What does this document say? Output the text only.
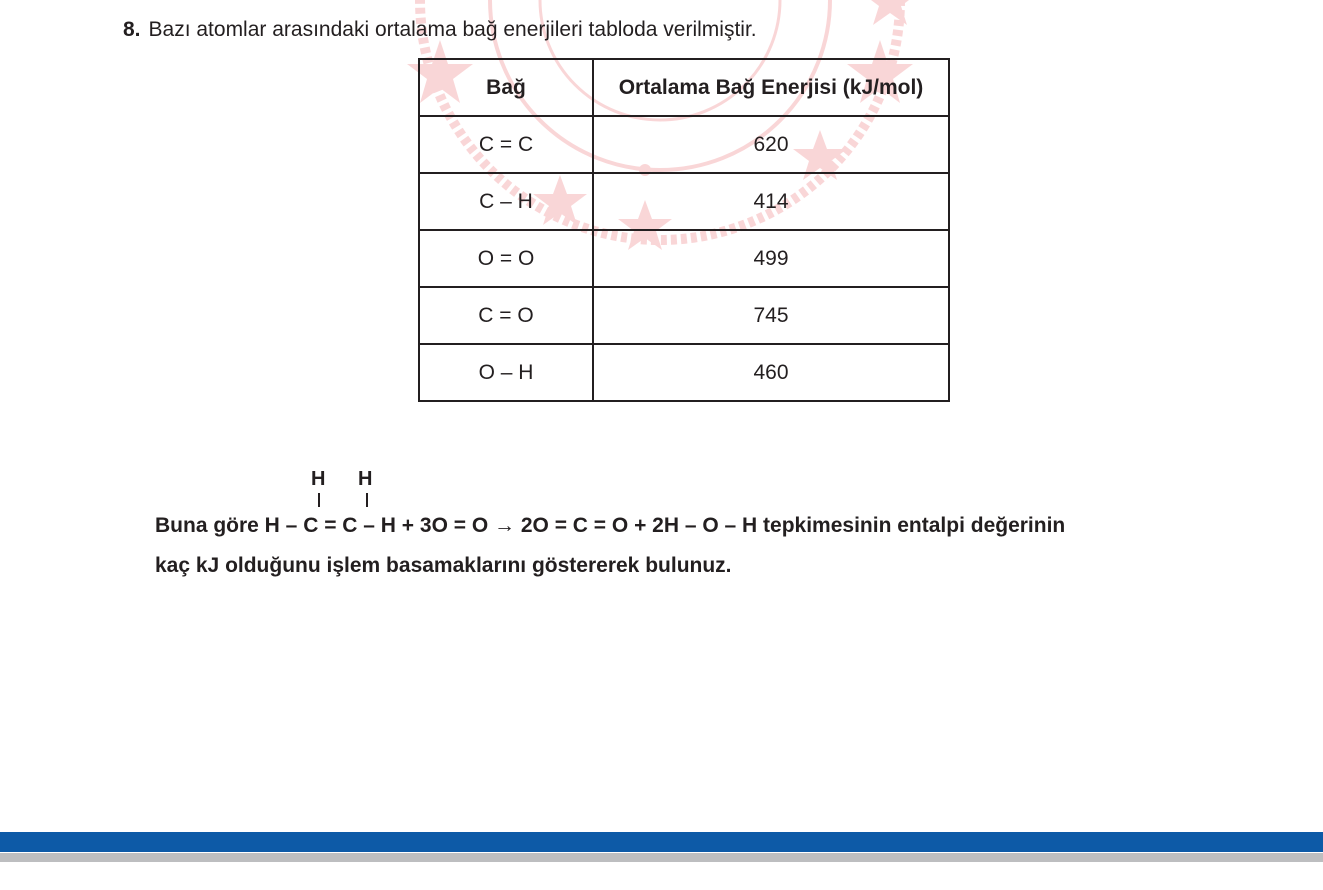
8. Bazı atomlar arasındaki ortalama bağ enerjileri tabloda verilmiştir.
Bağ	Ortalama Bağ Enerjisi (kJ/mol)
C = C	620
C – H	414
O = O	499
C = O	745
O – H	460
H H
Buna göre H – C = C – H + 3O = O → 2O = C = O + 2H – O – H tepkimesinin entalpi değerinin
kaç kJ olduğunu işlem basamaklarını göstererek bulunuz.
